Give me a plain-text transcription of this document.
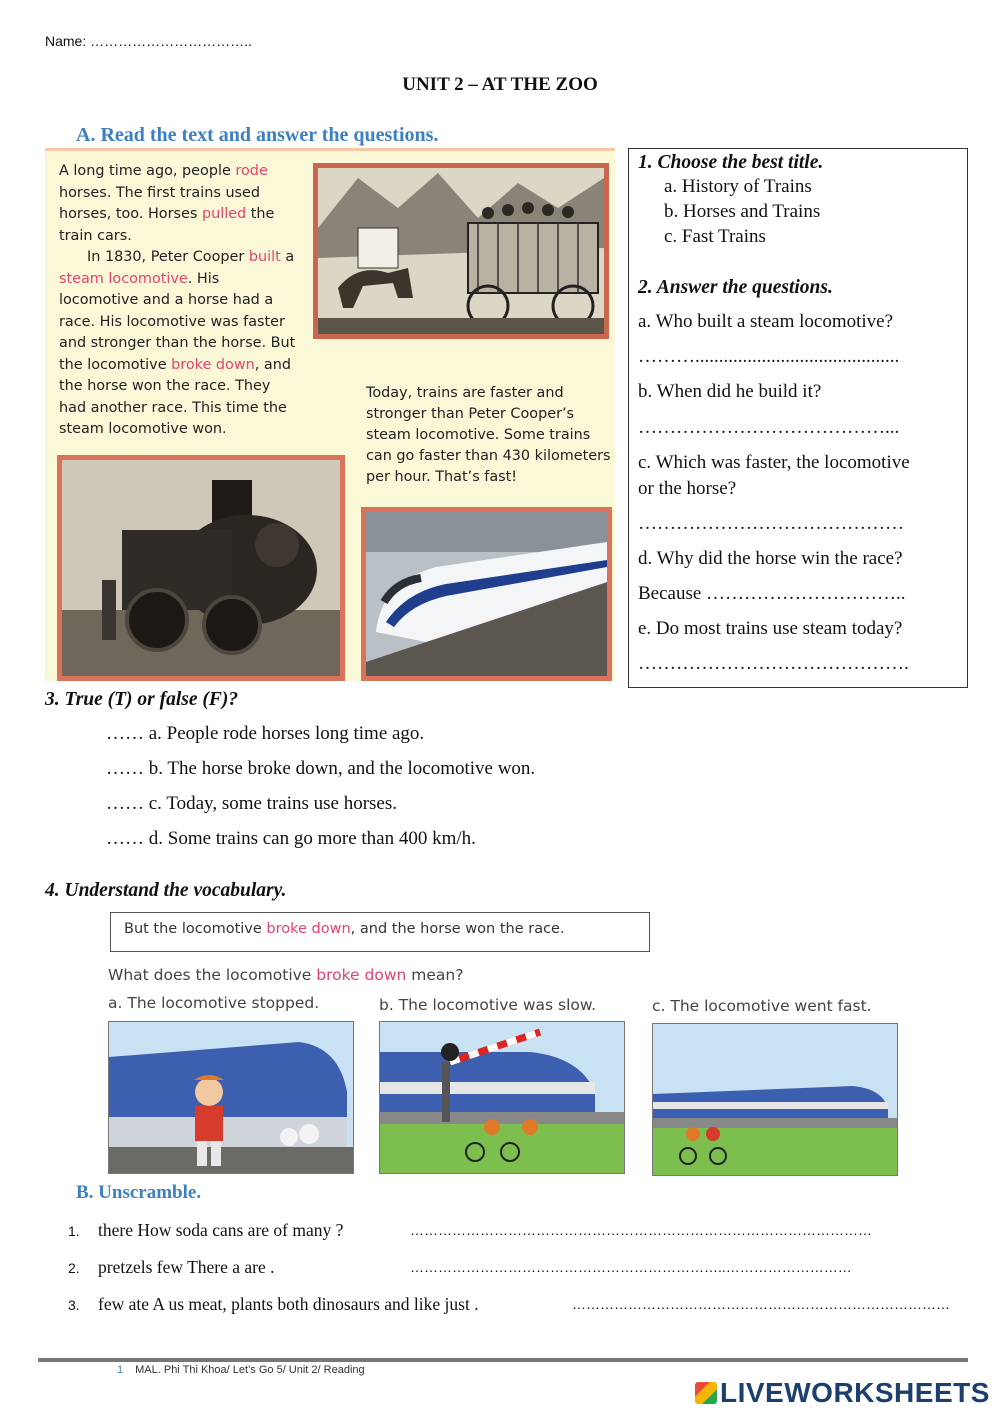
Name: ……………………………..
UNIT 2 – AT THE ZOO
A. Read the text and answer the questions.
A long time ago, people rode horses. The first trains used horses, too. Horses pulled the train cars.
In 1830, Peter Cooper built a steam locomotive. His locomotive and a horse had a race. His locomotive was faster and stronger than the horse. But the locomotive broke down, and the horse won the race. They had another race. This time the steam locomotive won.
Today, trains are faster and stronger than Peter Cooper’s steam locomotive. Some trains can go faster than 430 kilometers per hour. That’s fast!
1. Choose the best title.
a. History of Trains
b. Horses and Trains
c. Fast Trains
2. Answer the questions.
a. Who built a steam locomotive?
………...........................................
b. When did he build it?
…………………………………...
c. Which was faster, the locomotive
or the horse?
……………………………………
d. Why did the horse win the race?
Because …………………………..
e. Do most trains use steam today?
…………………………………….
3. True (T) or false (F)?
…… a. People rode horses long time ago.
…… b. The horse broke down, and the locomotive won.
…… c. Today, some trains use horses.
…… d. Some trains can go more than 400 km/h.
4. Understand the vocabulary.
But the locomotive broke down, and the horse won the race.
What does the locomotive broke down mean?
a. The locomotive stopped.	b. The locomotive was slow.	c. The locomotive went fast.
B. Unscramble.
1. there How soda cans are of many ?	………………………………………………………………………………………
2. pretzels few There a are .	…………………………………………………………..………………………
3. few ate A us meat, plants both dinosaurs and like just .	………………………………………………………………………
1 MAL. Phi Thi Khoa/ Let’s Go 5/ Unit 2/ Reading
LIVEWORKSHEETS
